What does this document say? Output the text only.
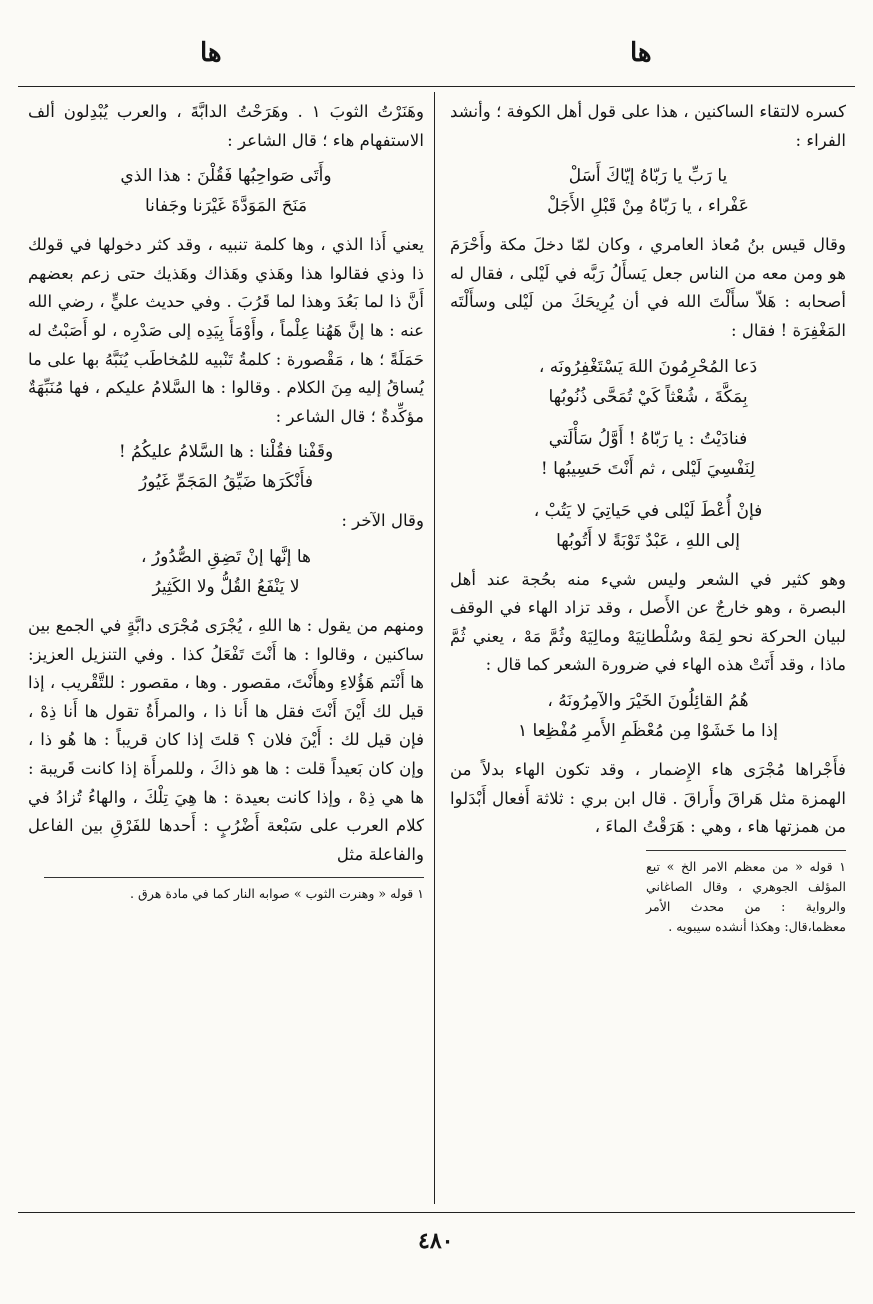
ها
ها

كسره لالتقاء الساكنين ، هذا على قول أهل الكوفة ؛ وأنشد الفراء :

يا رَبِّ يا رَبّاهُ إيّاكَ أَسَلْ
عَفْراء ، يا رَبّاهُ مِنْ قَبْلِ الأَجَلْ

وقال قيس بنُ مُعاذ العامري ، وكان لمّا دخلَ مكة وأَحْرَمَ هو ومن معه من الناس جعل يَسأَلُ رَبَّه في لَيْلى ، فقال له أصحابه : هَلاّ سأَلْتَ الله في أن يُرِيحَكَ من لَيْلى وسأَلْتَه المَغْفِرَة ! فقال :

دَعا المُحْرِمُونَ اللهَ يَسْتَغْفِرُونَه ،
بِمَكَّةَ ، شُعْثاً كَيْ تُمَحَّى ذُنُوبُها
فنادَيْتُ : يا رَبّاهُ ! أَوَّلُ سَأْلَتي
لِنَفْسِيَ لَيْلى ، ثم أَنْتَ حَسِيبُها !
فإنْ أُعْطَ لَيْلى في حَياتِيَ لا يَتُبْ ،
إلى اللهِ ، عَبْدٌ تَوْبَةً لا أَتُوبُها

وهو كثير في الشعر وليس شيء منه بحُجة عند أهل البصرة ، وهو خارجٌ عن الأَصل ، وقد تزاد الهاء في الوقف لبيان الحركة نحو لِمَهْ وسُلْطانِيَهْ ومالِيَهْ وثُمَّ مَهْ ، يعني ثُمَّ ماذا ، وقد أَتَتْ هذه الهاء في ضرورة الشعر كما قال :

هُمُ القائِلُونَ الخَيْرَ والآمِرُونَهُ ،
إذا ما خَشَوْا مِن مُعْظَمِ الأَمرِ مُفْظِعا ١

فأَجْراها مُجْرَى هاء الإِضمار ، وقد تكون الهاء بدلاً من الهمزة مثل هَراقَ وأَراقَ . قال ابن بري : ثلاثة أَفعال أَبْدَلوا من همزتها هاء ، وهي : هَرَقْتُ الماءَ ،

١ قوله « من معظم الامر الخ » تبع المؤلف الجوهري ، وقال الصاغاني والرواية : من محدث الأمر معظما،قال: وهكذا أنشده سيبويه .

وهَنَرْتُ الثوبَ ١ . وهَرَحْتُ الدابَّةَ ، والعرب يُبْدِلون ألف الاستفهام هاء ؛ قال الشاعر :

وأَتَى صَواحِبُها فَقُلْنَ : هذا الذي
مَنَحَ المَوَدَّةَ غَيْرَنا وجَفانا

يعني أَذا الذي ، وها كلمة تنبيه ، وقد كثر دخولها في قولك ذا وذي فقالوا هذا وهَذي وهَذاك وهَذيك حتى زعم بعضهم أَنَّ ذا لما بَعُدَ وهذا لما قَرُبَ . وفي حديث عليٍّ ، رضي الله عنه : ها إنَّ هَهُنا عِلْماً ، وأَوْمَأَ بِيَدِه إلى صَدْرِه ، لو أَصَبْتُ له حَمَلَةً ؛ ها ، مَقْصورة : كلمةُ تَنْبيه للمُخاطَب يُنَبَّهُ بها على ما يُساقُ إليه مِنَ الكلام . وقالوا : ها السَّلامُ عليكم ، فها مُنَبِّهَةٌ مؤكِّدةٌ ؛ قال الشاعر :

وقَفْنا فقُلْنا : ها السَّلامُ عليكُمُ !
فأَنْكَرَها ضَيِّقُ المَجَمِّ غَيُورُ

وقال الآخر :

ها إنَّها إنْ تَضِقِ الصُّدُورُ ،
لا يَنْفَعُ القُلُّ ولا الكَثِيرُ

ومنهم من يقول : ها اللهِ ، يُجْرَى مُجْرَى دابَّةٍ في الجمع بين ساكنين ، وقالوا : ها أَنْتَ تَفْعَلُ كذا . وفي التنزيل العزيز: ها أَنْتم هَؤُلاءِ وهأَنْتَ، مقصور . وها ، مقصور : للتَّقْريب ، إذا قيل لك أَيْنَ أَنْتَ فقل ها أَنا ذا ، والمرأَةُ تقول ها أَنا ذِهْ ، فإن قيل لك : أَيْنَ فلان ؟ قلتَ إذا كان قريباً : ها هُو ذا ، وإن كان بَعيداً قلت : ها هو ذاكَ ، وللمرأَة إذا كانت قَريبة : ها هي ذِهْ ، وإذا كانت بعيدة : ها هِيَ تِلْكَ ، والهاءُ تُزادُ في كلام العرب على سَبْعة أَضْرُبٍ : أَحدها للفَرْقِ بين الفاعل والفاعلة مثل

١ قوله « وهنرت الثوب » صوابه النار كما في مادة هرق .
٤٨٠
